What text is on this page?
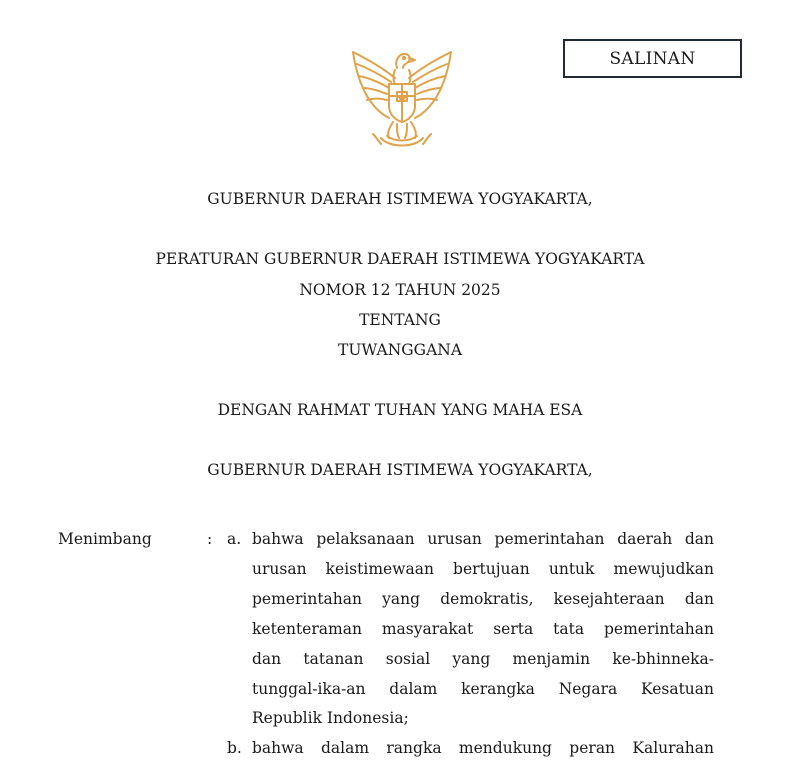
SALINAN
GUBERNUR DAERAH ISTIMEWA YOGYAKARTA,
PERATURAN GUBERNUR DAERAH ISTIMEWA YOGYAKARTA
NOMOR 12 TAHUN 2025
TENTANG
TUWANGGANA
DENGAN RAHMAT TUHAN YANG MAHA ESA
GUBERNUR DAERAH ISTIMEWA YOGYAKARTA,
Menimbang	: a. bahwa pelaksanaan urusan pemerintahan daerah dan
urusan keistimewaan bertujuan untuk mewujudkan
pemerintahan yang demokratis, kesejahteraan dan
ketenteraman masyarakat serta tata pemerintahan
dan tatanan sosial yang menjamin ke-bhinneka-
tunggal-ika-an dalam kerangka Negara Kesatuan
Republik Indonesia;
b. bahwa dalam rangka mendukung peran Kalurahan
